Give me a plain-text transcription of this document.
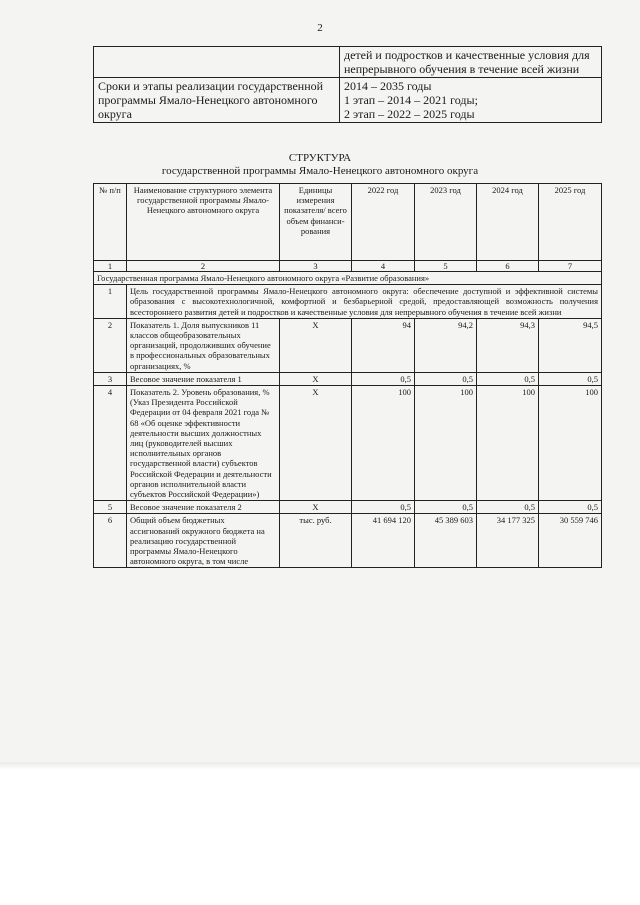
2
	детей и подростков и качественные условия для непрерывного обучения в течение всей жизни
Сроки и этапы реализации государственной программы Ямало-Ненецкого автономного округа	2014 – 2035 годы
1 этап – 2014 – 2021 годы;
2 этап – 2022 – 2025 годы
СТРУКТУРА
государственной программы Ямало-Ненецкого автономного округа
№ п/п	Наименование структурного элемента государственной программы Ямало-Ненецкого автономного округа	Единицы измерения показателя/ всего объем финанси-рования	2022 год	2023 год	2024 год	2025 год
1	2	3	4	5	6	7
Государственная программа Ямало-Ненецкого автономного округа «Развитие образования»						
1	Цель государственной программы Ямало-Ненецкого автономного округа: обеспечение доступной и эффективной системы образования с высокотехнологичной, комфортной и безбарьерной средой, предоставляющей возможность получения всестороннего развития детей и подростков и качественные условия для непрерывного обучения в течение всей жизни					
2	Показатель 1. Доля выпускников 11 классов общеобразовательных организаций, продолживших обучение в профессиональных образовательных организациях, %	Х	94	94,2	94,3	94,5
3	Весовое значение показателя 1	Х	0,5	0,5	0,5	0,5
4	Показатель 2. Уровень образования, % (Указ Президента Российской Федерации от 04 февраля 2021 года № 68 «Об оценке эффективности деятельности высших должностных лиц (руководителей высших исполнительных органов государственной власти) субъектов Российской Федерации и деятельности органов исполнительной власти субъектов Российской Федерации»)	Х	100	100	100	100
5	Весовое значение показателя 2	Х	0,5	0,5	0,5	0,5
6	Общий объем бюджетных ассигнований окружного бюджета на реализацию государственной программы Ямало-Ненецкого автономного округа, в том числе	тыс. руб.	41 694 120	45 389 603	34 177 325	30 559 746
